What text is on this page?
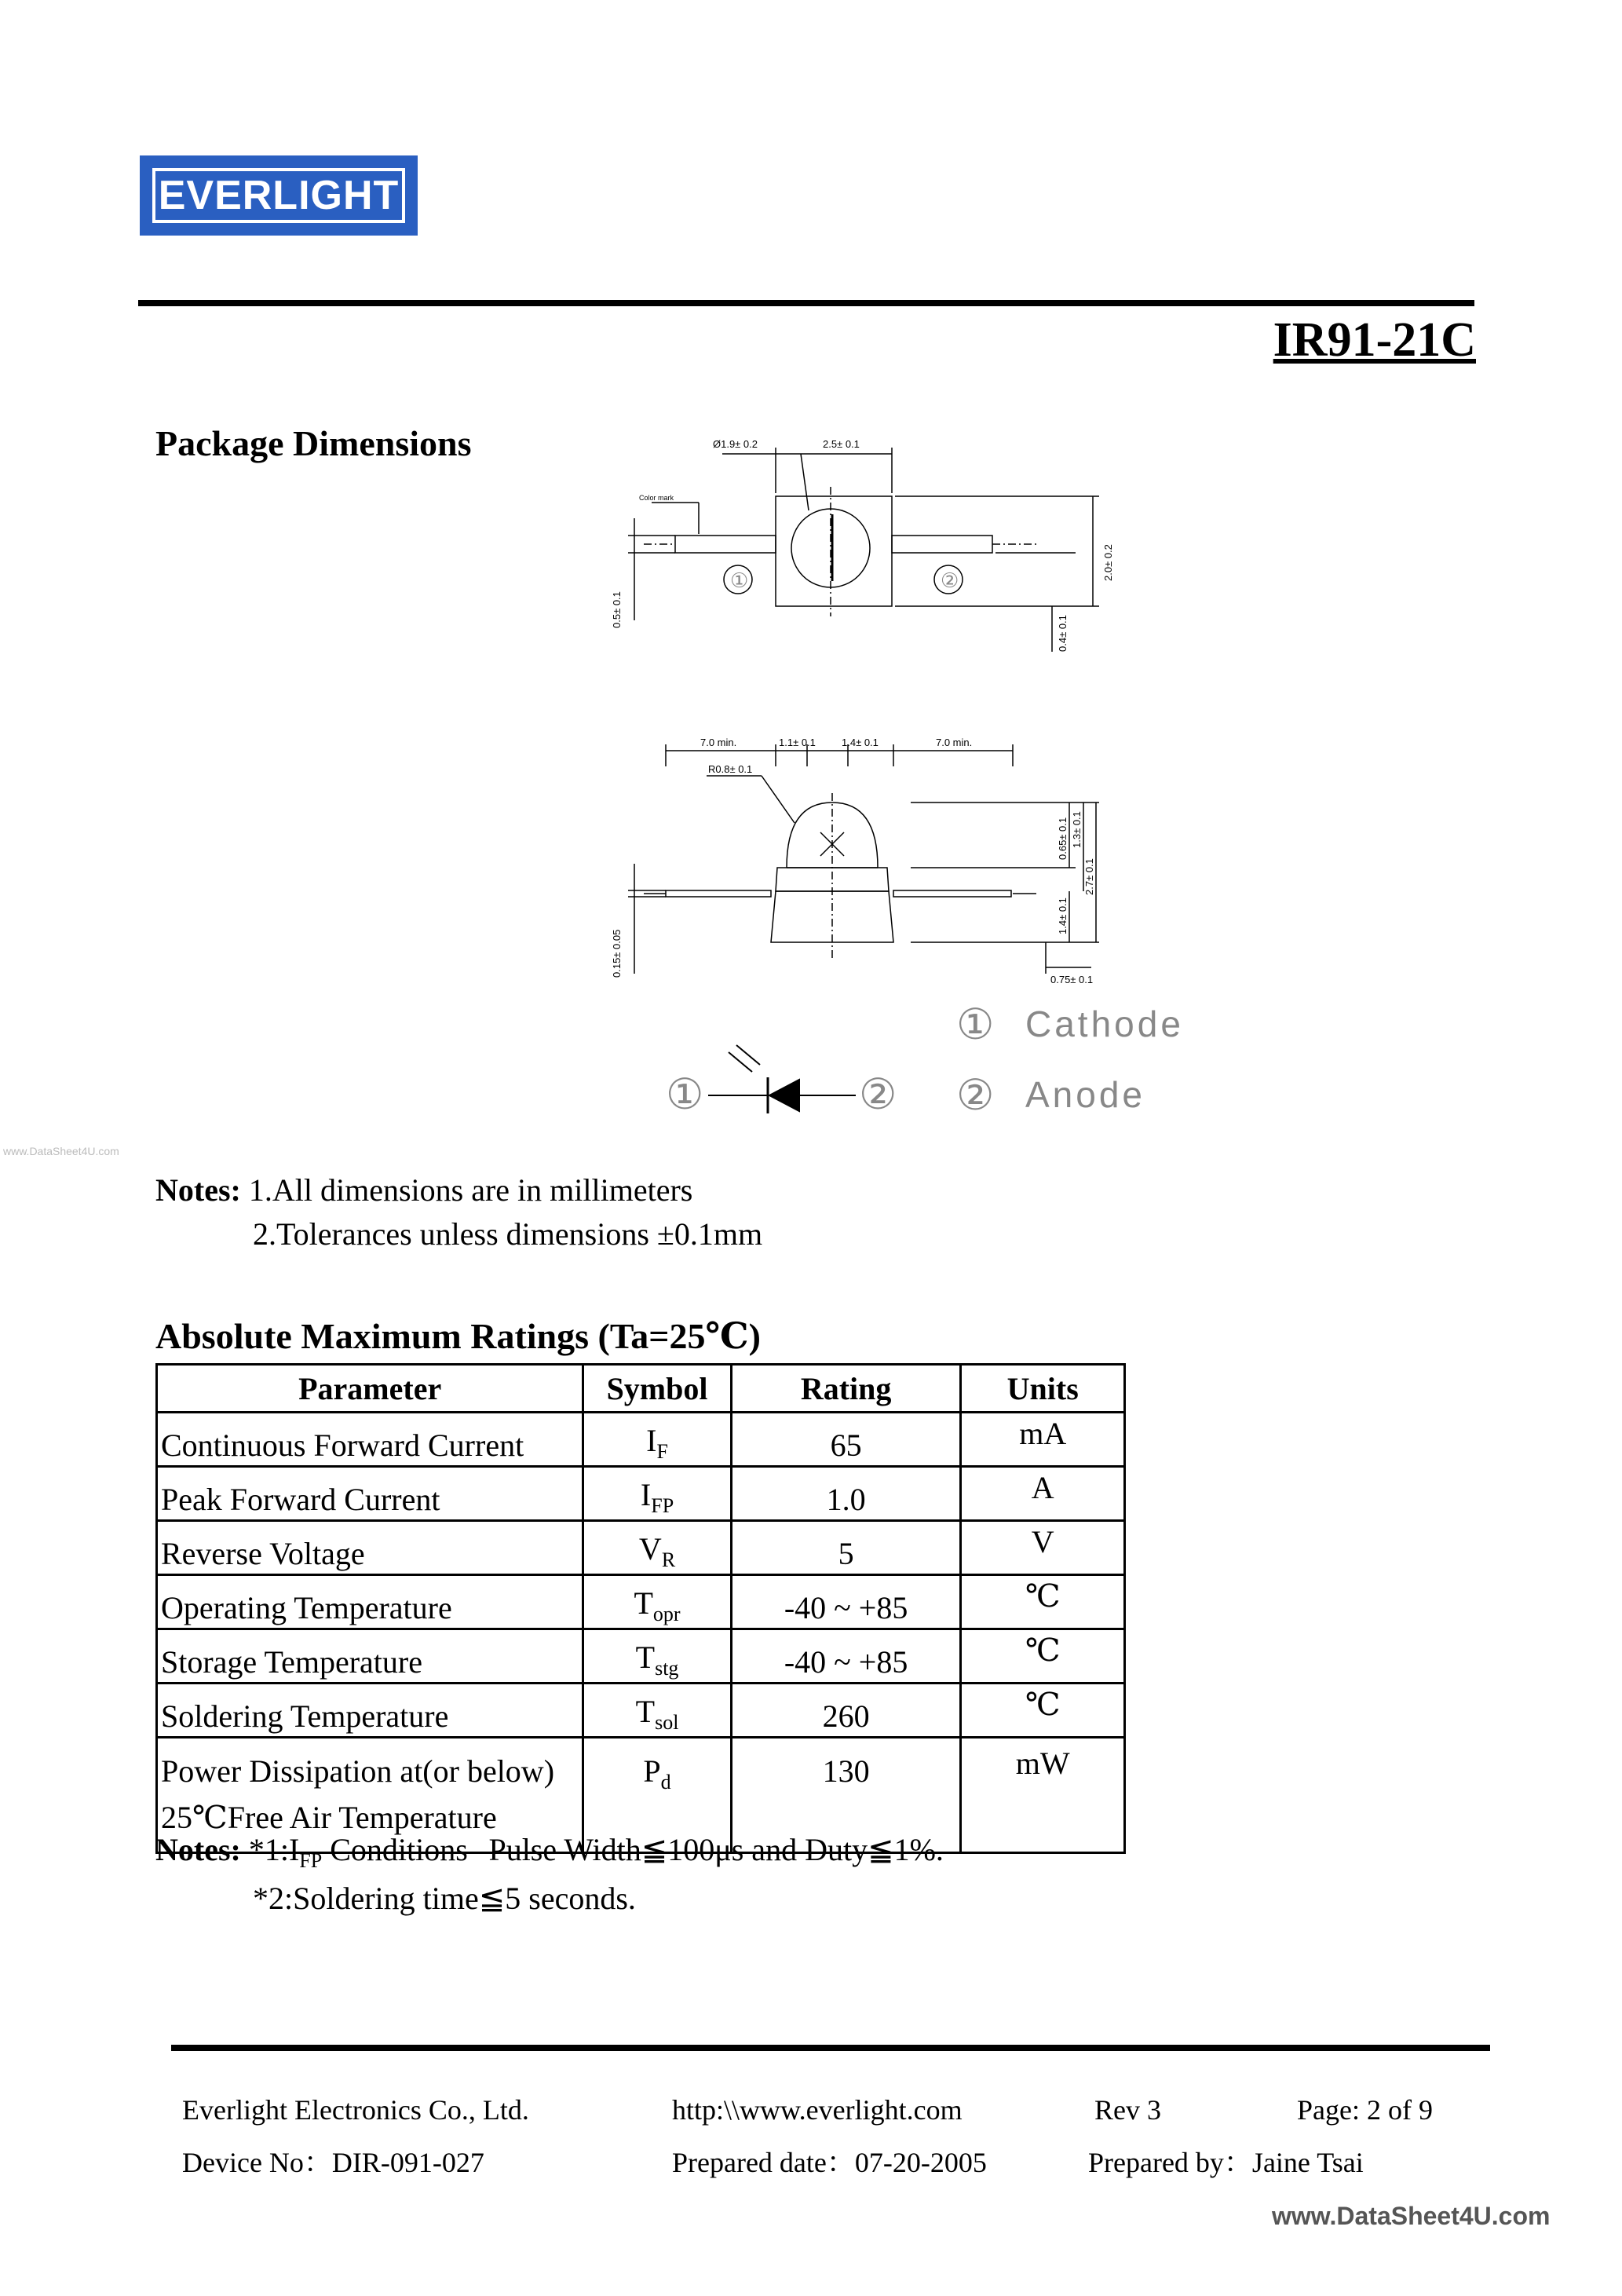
EVERLIGHT
IR91-21C
Package Dimensions	Ø1.9± 0.2	2.5± 0.1
Color mark
2.0± 0.2
0.5± 0.1
0.4± 0.1
7.0 min.	1.1± 0.1	1.4± 0.1	7.0 min.
R0.8± 0.1
0.65± 0.1 1.3± 0.1
2.7± 0.1
1.4± 0.1
0.15± 0.05
0.75± 0.1
①	②
①	②
①
②
Cathode
Anode
www.DataSheet4U.com
Notes: 1.All dimensions are in millimeters
2.Tolerances unless dimensions ±0.1mm
Absolute Maximum Ratings (Ta=25℃)
Parameter	Symbol	Rating	Units
Continuous Forward Current	$I_F$	65	mA
Peak Forward Current	$I_{FP}$	1.0	A
Reverse Voltage	$V_R$	5	V
Operating Temperature	$T_{opr}$	-40 ~ +85	℃
Storage Temperature	$T_{stg}$	-40 ~ +85	℃
Soldering Temperature	$T_{sol}$	260	℃

Power Dissipation at(or below)
25℃Free Air Temperature	$P_d$	130	mW
Notes: $*1:I_{FP}$ Conditions--Pulse Width≦100μs and Duty≦1%.
*2:Soldering time≦5 seconds.
Everlight Electronics Co., Ltd.	http:\\www.everlight.com	Rev 3	Page: 2 of 9
Device No：DIR-091-027	Prepared date：07-20-2005	Prepared by：Jaine Tsai
www.DataSheet4U.com
